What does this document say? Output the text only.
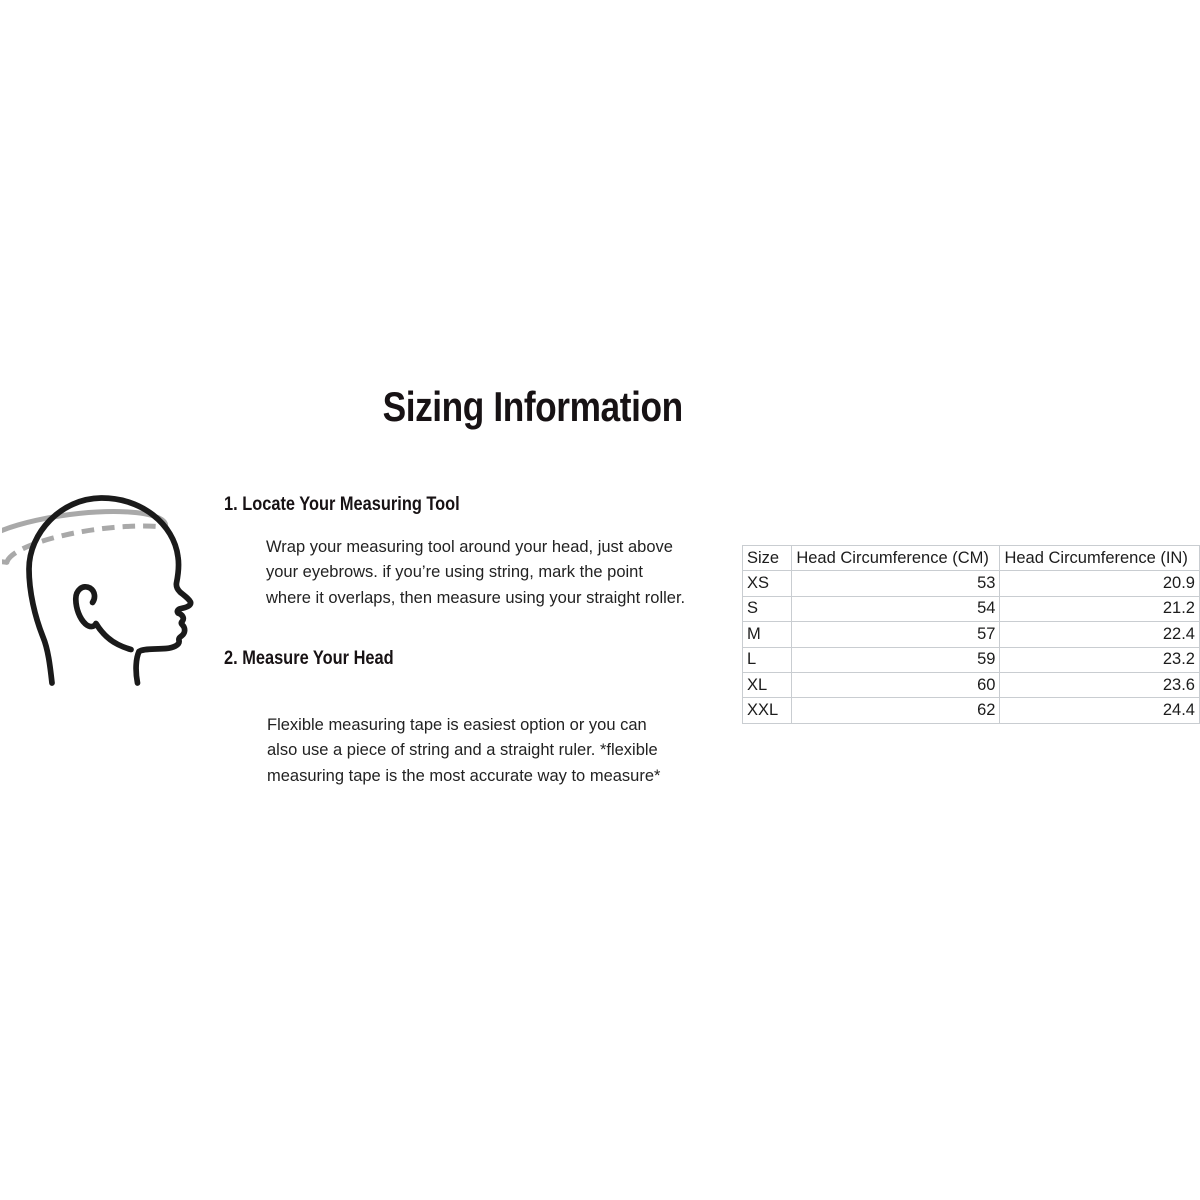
Sizing Information
1. Locate Your Measuring Tool
Wrap your measuring tool around your head, just above
your eyebrows. if you’re using string, mark the point
where it overlaps, then measure using your straight roller.
2. Measure Your Head
Flexible measuring tape is easiest option or you can
also use a piece of string and a straight ruler. *flexible
measuring tape is the most accurate way to measure*
Size	Head Circumference (CM)	Head Circumference (IN)
XS	53	20.9
S	54	21.2
M	57	22.4
L	59	23.2
XL	60	23.6
XXL	62	24.4
